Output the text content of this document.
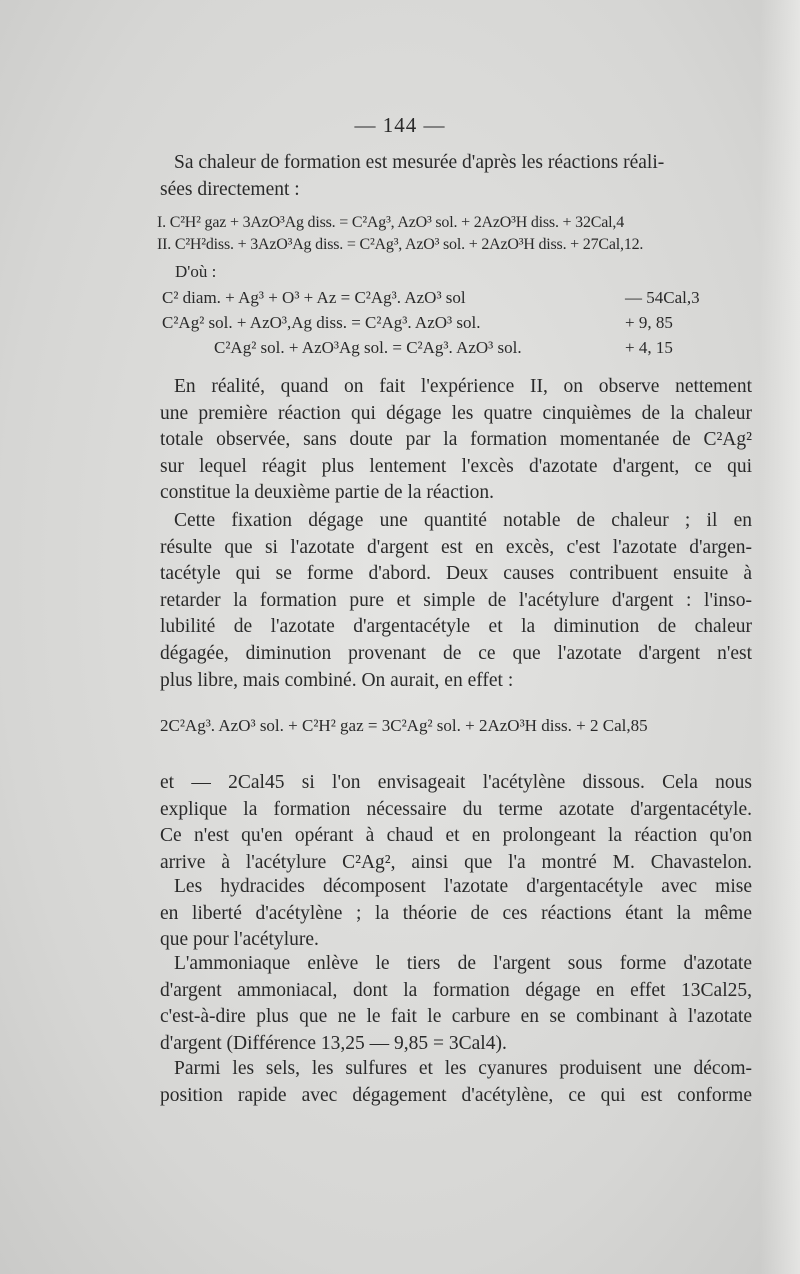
— 144 —
Sa chaleur de formation est mesurée d'après les réactions réali-
sées directement :
I. C²H² gaz + 3AzO³Ag diss. = C²Ag³, AzO³ sol. + 2AzO³H diss. + 32Cal,4
II. C²H²diss. + 3AzO³Ag diss. = C²Ag³, AzO³ sol. + 2AzO³H diss. + 27Cal,12.
D'où :
C² diam. + Ag³ + O³ + Az = C²Ag³. AzO³ sol	— 54Cal,3
C²Ag² sol. + AzO³,Ag diss. = C²Ag³. AzO³ sol.	+ 9, 85
C²Ag² sol. + AzO³Ag sol. = C²Ag³. AzO³ sol.	+ 4, 15
En réalité, quand on fait l'expérience II, on observe nettement
une première réaction qui dégage les quatre cinquièmes de la chaleur
totale observée, sans doute par la formation momentanée de C²Ag²
sur lequel réagit plus lentement l'excès d'azotate d'argent, ce qui
constitue la deuxième partie de la réaction.
Cette fixation dégage une quantité notable de chaleur ; il en
résulte que si l'azotate d'argent est en excès, c'est l'azotate d'argen-
tacétyle qui se forme d'abord. Deux causes contribuent ensuite à
retarder la formation pure et simple de l'acétylure d'argent : l'inso-
lubilité de l'azotate d'argentacétyle et la diminution de chaleur
dégagée, diminution provenant de ce que l'azotate d'argent n'est
plus libre, mais combiné. On aurait, en effet :
2C²Ag³. AzO³ sol. + C²H² gaz = 3C²Ag² sol. + 2AzO³H diss. + 2 Cal,85
et — 2Cal45 si l'on envisageait l'acétylène dissous. Cela nous
explique la formation nécessaire du terme azotate d'argentacétyle.
Ce n'est qu'en opérant à chaud et en prolongeant la réaction qu'on
arrive à l'acétylure C²Ag², ainsi que l'a montré M. Chavastelon.
Les hydracides décomposent l'azotate d'argentacétyle avec mise
en liberté d'acétylène ; la théorie de ces réactions étant la même
que pour l'acétylure.
L'ammoniaque enlève le tiers de l'argent sous forme d'azotate
d'argent ammoniacal, dont la formation dégage en effet 13Cal25,
c'est-à-dire plus que ne le fait le carbure en se combinant à l'azotate
d'argent (Différence 13,25 — 9,85 = 3Cal4).
Parmi les sels, les sulfures et les cyanures produisent une décom-
position rapide avec dégagement d'acétylène, ce qui est conforme
